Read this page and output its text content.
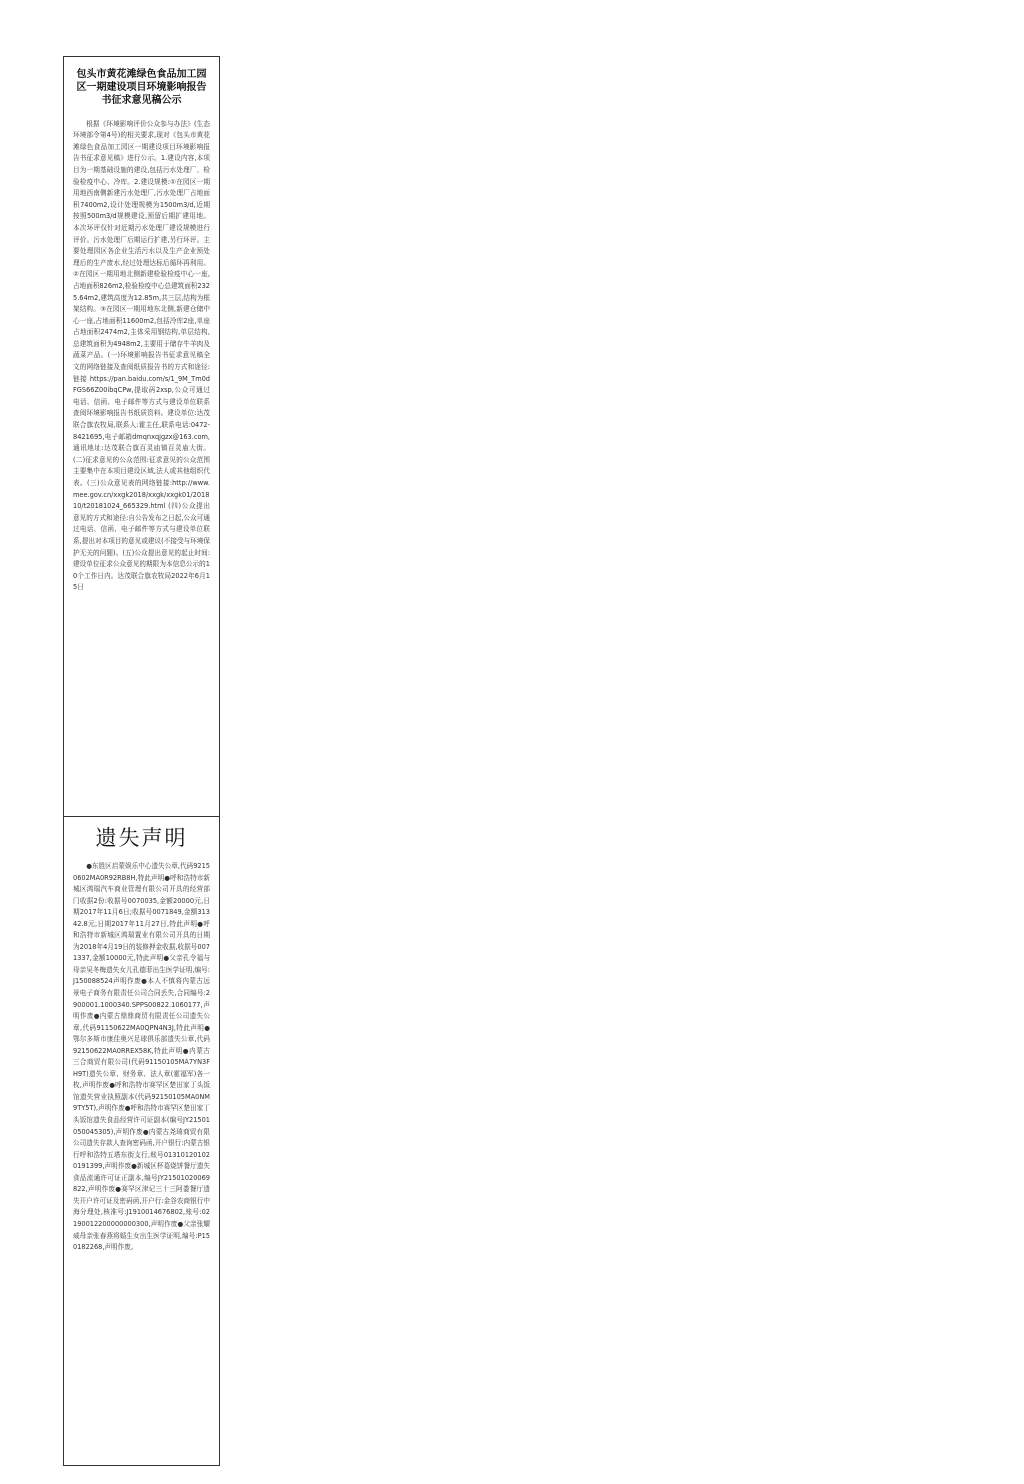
包头市黄花滩绿色食品加工园区一期建设项目环境影响报告书征求意见稿公示

根据《环境影响评价公众参与办法》(生态环境部令第4号)的相关要求,现对《包头市黄花滩绿色食品加工园区一期建设项目环境影响报告书征求意见稿》进行公示。1.建设内容,本项目为一期基础设施的建设,包括污水处理厂、检验检疫中心、冷库。2.建设规模:①在园区一期用地西南侧新建污水处理厂,污水处理厂占地面积7400m2,设计处理规模为1500m3/d,近期按照500m3/d规模建设,预留后期扩建用地。本次环评仅针对近期污水处理厂建设规模进行评价。污水处理厂后期运行扩建,另行环评。主要处理园区各企业生活污水以及生产企业预处理后的生产废水,经过处理达标后循环再利用。②在园区一期用地北侧新建检验检疫中心一座,占地面积826m2,检验检疫中心总建筑面积2325.64m2,建筑高度为12.85m,共三层,结构为框架结构。③在园区一期用地东北侧,新建仓储中心一座,占地面积11600m2,包括冷库2座,单座占地面积2474m2,主体采用钢结构,单层结构,总建筑面积为4948m2,主要用于储存牛羊肉及蔬菜产品。(一)环境影响报告书征求意见稿全文的网络链接及查阅纸质报告书的方式和途径:链接 https://pan.baidu.com/s/1_9M_Tm0dFGS66Z00ibqCPw,提取码2xsp,公众可通过电话、信函、电子邮件等方式与建设单位联系查阅环境影响报告书纸质资料。建设单位:达茂联合旗农牧局,联系人:霍主任,联系电话:0472-8421695,电子邮箱dmqnxqjgzx@163.com,通讯地址:达茂联合旗百灵庙镇百灵庙大街。(二)征求意见的公众范围:征求意见的公众范围主要集中在本项目建设区域,法人或其他组织代表。(三)公众意见表的网络链接:http://www.mee.gov.cn/xxgk2018/xxgk/xxgk01/201810/t20181024_665329.html (四)公众提出意见的方式和途径:自公告发布之日起,公众可通过电话、信函、电子邮件等方式与建设单位联系,提出对本项目的意见或建议(不接受与环境保护无关的问题)。(五)公众提出意见的起止时间:建设单位征求公众意见的期限为本信息公示的10个工作日内。达茂联合旗农牧局2022年6月15日

遗失声明

●东胜区启蒙娱乐中心遗失公章,代码92150602MA0R92RB8H,特此声明●呼和浩特市新城区鸿瑞汽车商业管理有限公司开具的经营部门收据2份:收据号0070035,金额20000元,日期2017年11月6日;收据号0071849,金额31342.8元,日期2017年11月27日,特此声明●呼和浩特市新城区鸿瑞置业有限公司开具的日期为2018年4月19日的装修押金收据,收据号0071337,金额10000元,特此声明●父亲孔令福与母亲吴冬梅遗失女儿孔德菲出生医学证明,编号:J150088524声明作废●本人不慎将内蒙古远景电子商务有限责任公司合同丢失,合同编号:2900001.1000340.SPPS00822.1060177,声明作废●内蒙古鼎鼎商贸有限责任公司遗失公章,代码91150622MA0QPN4N3J,特此声明●鄂尔多斯市康佳奥兴足球俱乐部遗失公章,代码92150622MA0RREX58K,特此声明●内蒙古三合商贸有限公司(代码91150105MA7YN3FH9T)遗失公章、财务章、法人章(霍福军)各一枚,声明作废●呼和浩特市赛罕区楚田家丁头饭馆遗失营业执照副本(代码92150105MA0NM9TY5T),声明作废●呼和浩特市赛罕区楚田家丁头饭馆遗失食品经营许可证副本(编号JY21501050045305),声明作废●内蒙古尧琦商贸有限公司遗失存款人查询密码函,开户银行:内蒙古银行呼和浩特五塔东街支行,账号013101201020191399,声明作废●新城区杯葛烧饼餐厅遗失食品流通许可证正副本,编号JY21501020069822,声明作废●赛罕区津记三十三阿娄餐厅遗失开户许可证及密码函,开户行:金谷农商银行中海分理处,核准号:J1910014676802,账号:02190012200000000300,声明作废●父亲张耀威母亲张春燕将婚生女出生医学证明,编号:P150182268,声明作废。
